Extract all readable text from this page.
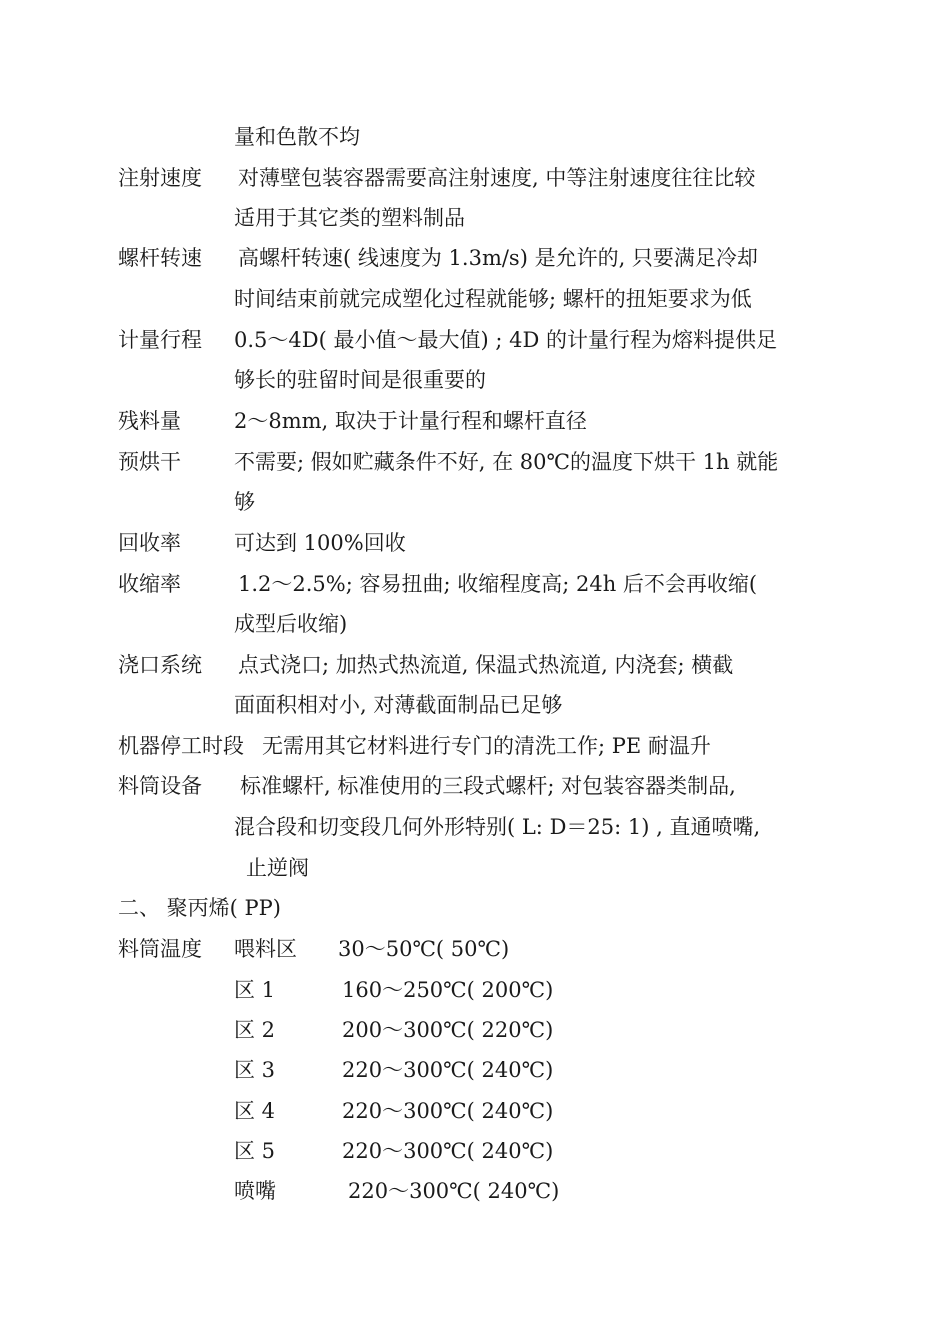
量和色散不均
注射速度 对薄壁包装容器需要高注射速度, 中等注射速度往往比较
适用于其它类的塑料制品
螺杆转速 高螺杆转速( 线速度为 1.3m/s) 是允许的, 只要满足冷却
时间结束前就完成塑化过程就能够; 螺杆的扭矩要求为低
计量行程 0.5～4D( 最小值～最大值) ; 4D 的计量行程为熔料提供足
够长的驻留时间是很重要的
残料量	2～8mm, 取决于计量行程和螺杆直径
预烘干	不需要; 假如贮藏条件不好, 在 80℃的温度下烘干 1h 就能
够
回收率	可达到 100%回收
收缩率	1.2～2.5%; 容易扭曲; 收缩程度高; 24h 后不会再收缩(
成型后收缩)
浇口系统 点式浇口; 加热式热流道, 保温式热流道, 内浇套; 横截
面面积相对小, 对薄截面制品已足够
机器停工时段 无需用其它材料进行专门的清洗工作; PE 耐温升
料筒设备 标准螺杆, 标准使用的三段式螺杆; 对包装容器类制品,
混合段和切变段几何外形特别( L: D＝25: 1) , 直通喷嘴,
止逆阀
二、 聚丙烯( PP)
料筒温度 喂料区 30～50℃( 50℃)
区 1	160～250℃( 200℃)
区 2	200～300℃( 220℃)
区 3	220～300℃( 240℃)
区 4	220～300℃( 240℃)
区 5	220～300℃( 240℃)
喷嘴	220～300℃( 240℃)
